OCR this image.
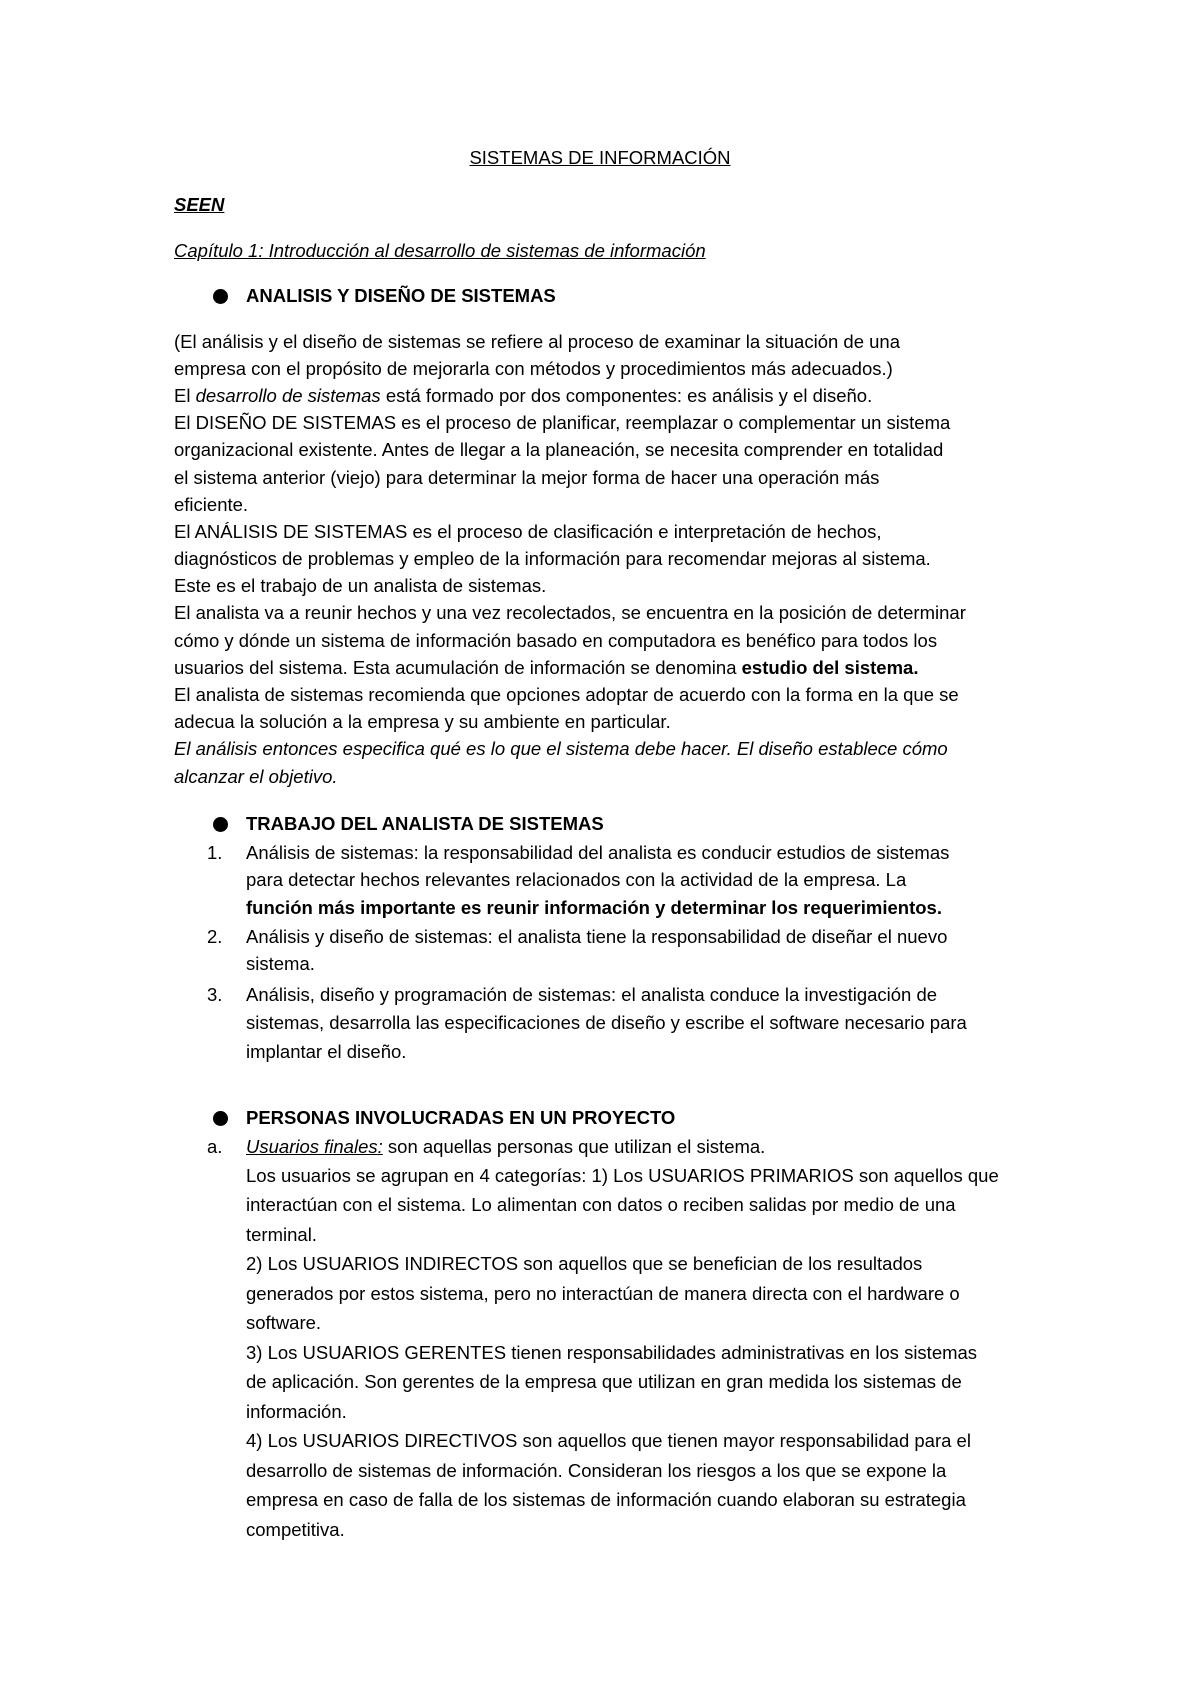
SISTEMAS DE INFORMACIÓN
SEEN
Capítulo 1: Introducción al desarrollo de sistemas de información
ANALISIS Y DISEÑO DE SISTEMAS
(El análisis y el diseño de sistemas se refiere al proceso de examinar la situación de una
empresa con el propósito de mejorarla con métodos y procedimientos más adecuados.)
El desarrollo de sistemas está formado por dos componentes: es análisis y el diseño.
El DISEÑO DE SISTEMAS es el proceso de planificar, reemplazar o complementar un sistema
organizacional existente. Antes de llegar a la planeación, se necesita comprender en totalidad
el sistema anterior (viejo) para determinar la mejor forma de hacer una operación más
eficiente.
El ANÁLISIS DE SISTEMAS es el proceso de clasificación e interpretación de hechos,
diagnósticos de problemas y empleo de la información para recomendar mejoras al sistema.
Este es el trabajo de un analista de sistemas.
El analista va a reunir hechos y una vez recolectados, se encuentra en la posición de determinar
cómo y dónde un sistema de información basado en computadora es benéfico para todos los
usuarios del sistema. Esta acumulación de información se denomina estudio del sistema.
El analista de sistemas recomienda que opciones adoptar de acuerdo con la forma en la que se
adecua la solución a la empresa y su ambiente en particular.
El análisis entonces especifica qué es lo que el sistema debe hacer. El diseño establece cómo
alcanzar el objetivo.
TRABAJO DEL ANALISTA DE SISTEMAS
1. Análisis de sistemas: la responsabilidad del analista es conducir estudios de sistemas
para detectar hechos relevantes relacionados con la actividad de la empresa. La
función más importante es reunir información y determinar los requerimientos.
2. Análisis y diseño de sistemas: el analista tiene la responsabilidad de diseñar el nuevo
sistema.
3. Análisis, diseño y programación de sistemas: el analista conduce la investigación de
sistemas, desarrolla las especificaciones de diseño y escribe el software necesario para
implantar el diseño.
PERSONAS INVOLUCRADAS EN UN PROYECTO
a. Usuarios finales: son aquellas personas que utilizan el sistema.
Los usuarios se agrupan en 4 categorías: 1) Los USUARIOS PRIMARIOS son aquellos que
interactúan con el sistema. Lo alimentan con datos o reciben salidas por medio de una
terminal.
2) Los USUARIOS INDIRECTOS son aquellos que se benefician de los resultados
generados por estos sistema, pero no interactúan de manera directa con el hardware o
software.
3) Los USUARIOS GERENTES tienen responsabilidades administrativas en los sistemas
de aplicación. Son gerentes de la empresa que utilizan en gran medida los sistemas de
información.
4) Los USUARIOS DIRECTIVOS son aquellos que tienen mayor responsabilidad para el
desarrollo de sistemas de información. Consideran los riesgos a los que se expone la
empresa en caso de falla de los sistemas de información cuando elaboran su estrategia
competitiva.
